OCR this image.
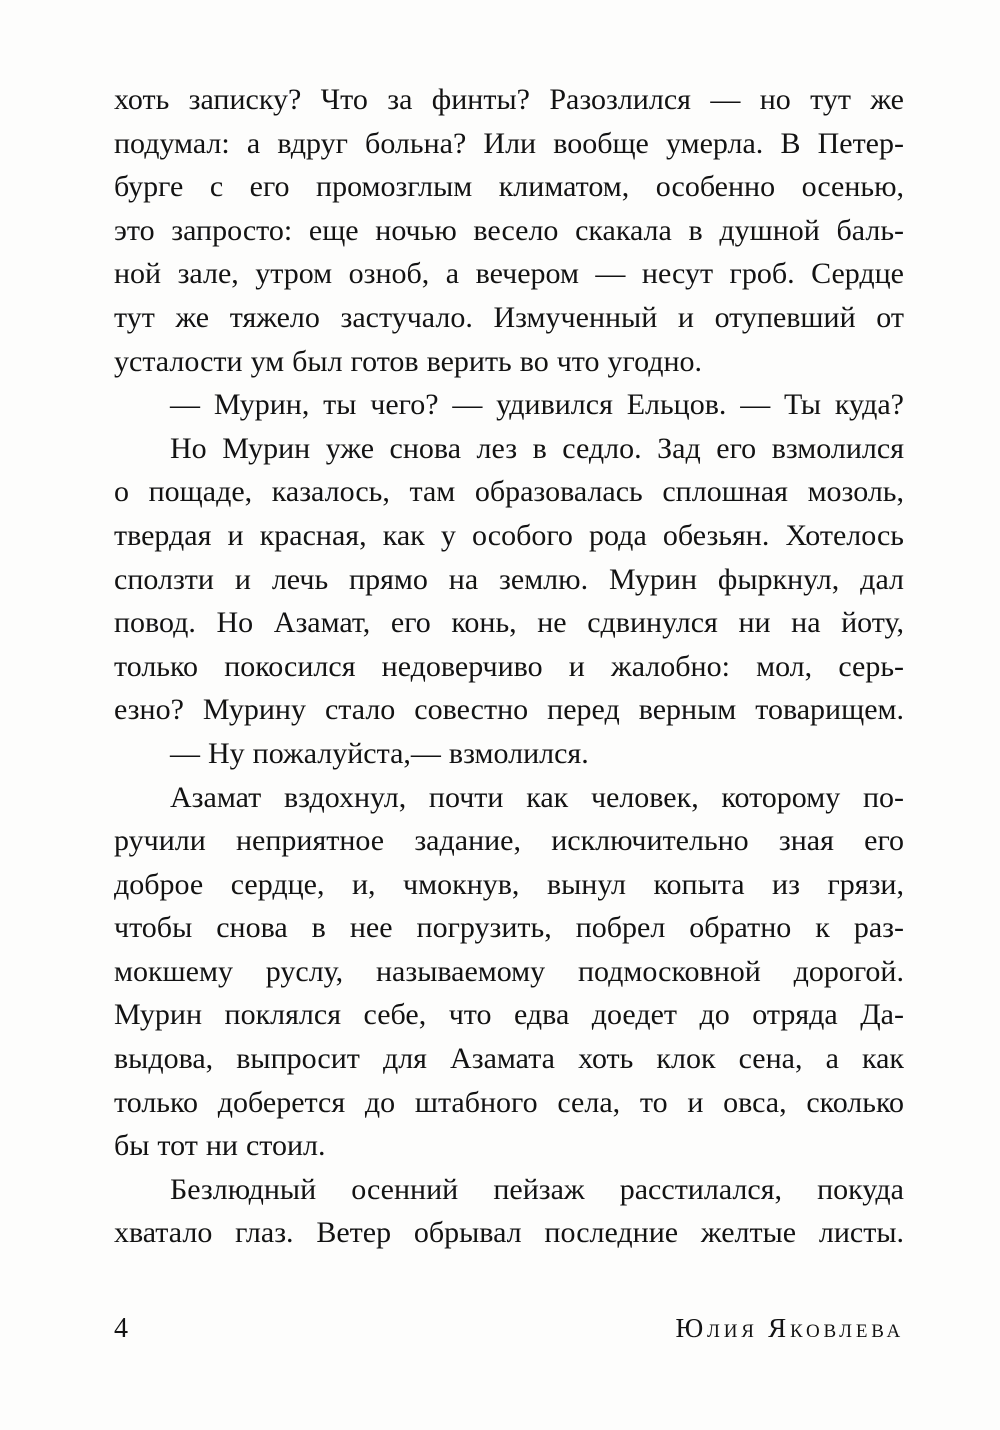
хоть записку? Что за финты? Разозлился — но тут же
подумал: а вдруг больна? Или вообще умерла. В Петер-
бурге с его промозглым климатом, особенно осенью,
это запросто: еще ночью весело скакала в душной баль-
ной зале, утром озноб, а вечером — несут гроб. Сердце
тут же тяжело застучало. Измученный и отупевший от
усталости ум был готов верить во что угодно.
— Мурин, ты чего? — удивился Ельцов. — Ты куда?
Но Мурин уже снова лез в седло. Зад его взмолился
о пощаде, казалось, там образовалась сплошная мозоль,
твердая и красная, как у особого рода обезьян. Хотелось
сползти и лечь прямо на землю. Мурин фыркнул, дал
повод. Но Азамат, его конь, не сдвинулся ни на йоту,
только покосился недоверчиво и жалобно: мол, серь-
езно? Мурину стало совестно перед верным товарищем.
— Ну пожалуйста,— взмолился.
Азамат вздохнул, почти как человек, которому по-
ручили неприятное задание, исключительно зная его
доброе сердце, и, чмокнув, вынул копыта из грязи,
чтобы снова в нее погрузить, побрел обратно к раз-
мокшему руслу, называемому подмосковной дорогой.
Мурин поклялся себе, что едва доедет до отряда Да-
выдова, выпросит для Азамата хоть клок сена, а как
только доберется до штабного села, то и овса, сколько
бы тот ни стоил.
Безлюдный осенний пейзаж расстилался, покуда
хватало глаз. Ветер обрывал последние желтые листы.
4	Юлия Яковлева
